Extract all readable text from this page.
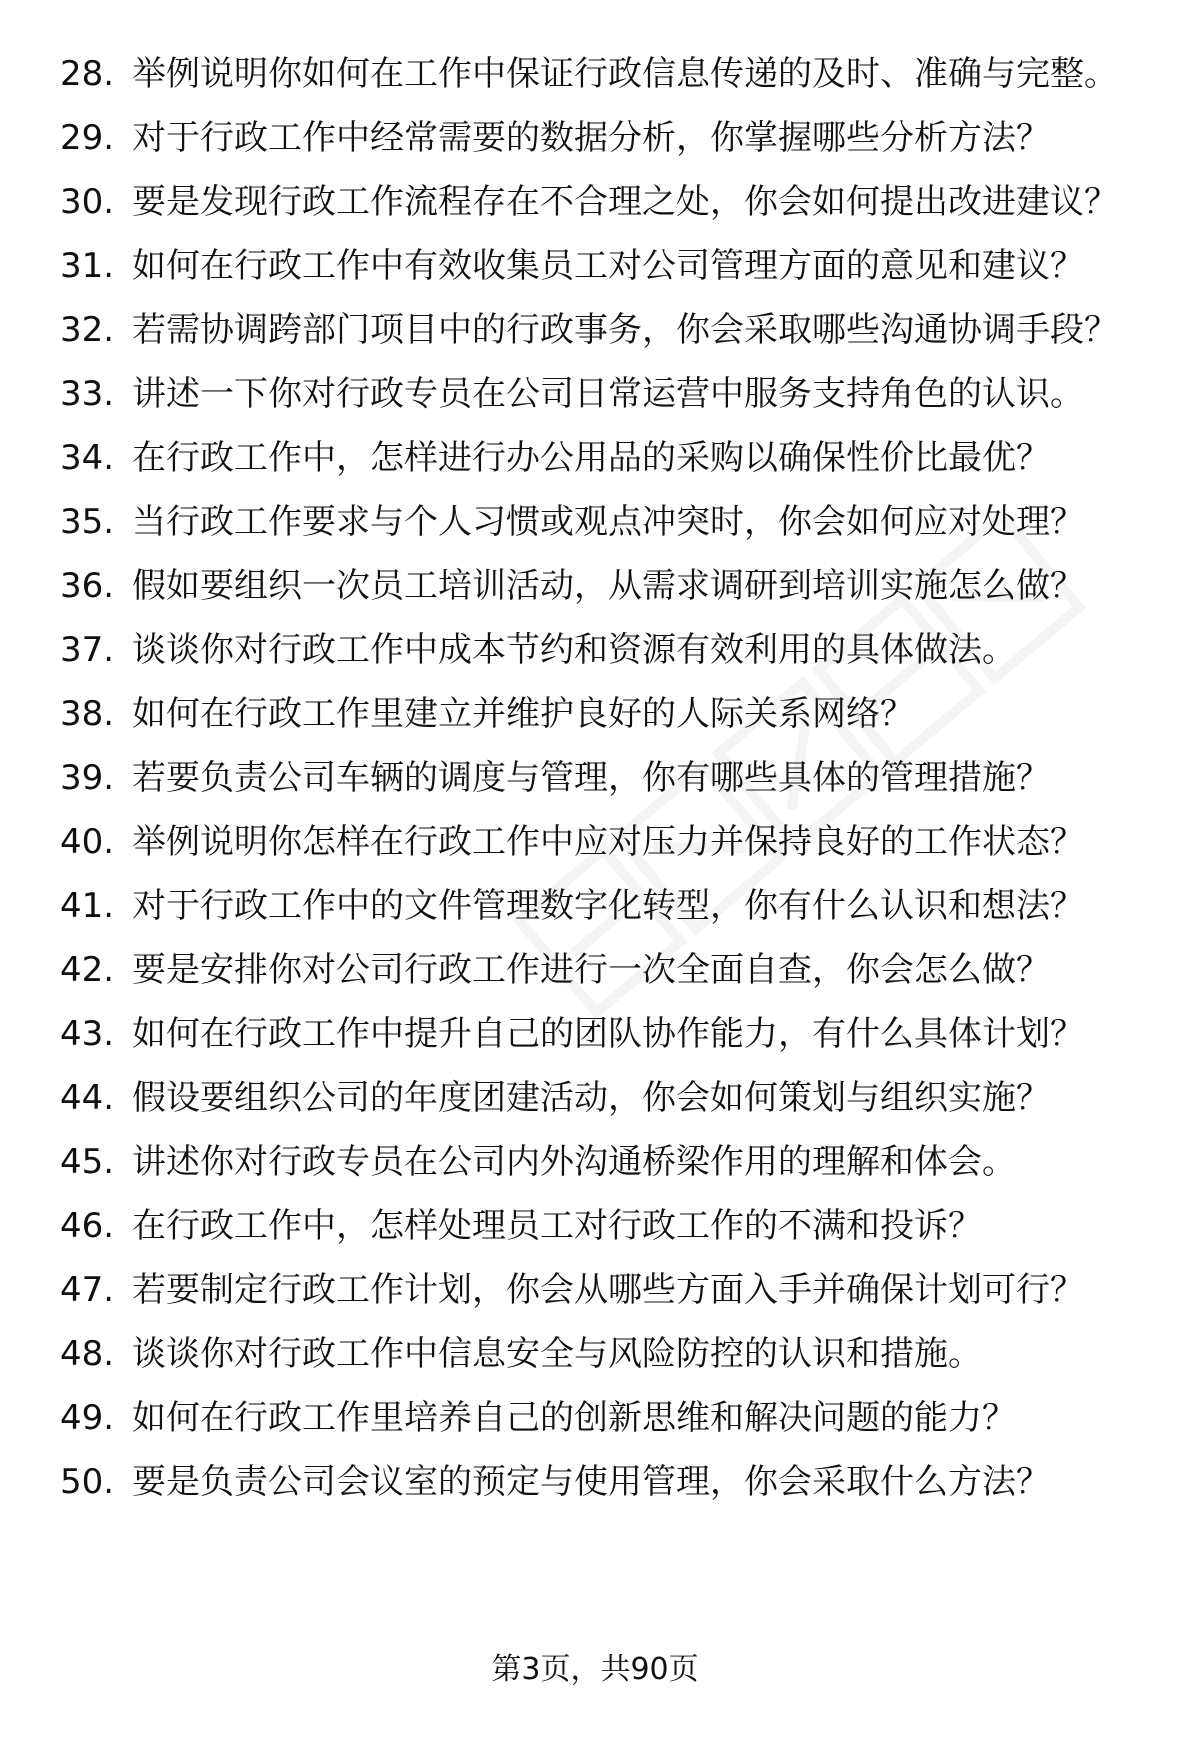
28. 举例说明你如何在工作中保证行政信息传递的及时、准确与完整。
29. 对于行政工作中经常需要的数据分析，你掌握哪些分析方法？
30. 要是发现行政工作流程存在不合理之处，你会如何提出改进建议？
31. 如何在行政工作中有效收集员工对公司管理方面的意见和建议？
32. 若需协调跨部门项目中的行政事务，你会采取哪些沟通协调手段？
33. 讲述一下你对行政专员在公司日常运营中服务支持角色的认识。
34. 在行政工作中，怎样进行办公用品的采购以确保性价比最优？
35. 当行政工作要求与个人习惯或观点冲突时，你会如何应对处理？
36. 假如要组织一次员工培训活动，从需求调研到培训实施怎么做？
37. 谈谈你对行政工作中成本节约和资源有效利用的具体做法。
38. 如何在行政工作里建立并维护良好的人际关系网络？
39. 若要负责公司车辆的调度与管理，你有哪些具体的管理措施？
40. 举例说明你怎样在行政工作中应对压力并保持良好的工作状态？
41. 对于行政工作中的文件管理数字化转型，你有什么认识和想法？
42. 要是安排你对公司行政工作进行一次全面自查，你会怎么做？
43. 如何在行政工作中提升自己的团队协作能力，有什么具体计划？
44. 假设要组织公司的年度团建活动，你会如何策划与组织实施？
45. 讲述你对行政专员在公司内外沟通桥梁作用的理解和体会。
46. 在行政工作中，怎样处理员工对行政工作的不满和投诉？
47. 若要制定行政工作计划，你会从哪些方面入手并确保计划可行？
48. 谈谈你对行政工作中信息安全与风险防控的认识和措施。
49. 如何在行政工作里培养自己的创新思维和解决问题的能力？
50. 要是负责公司会议室的预定与使用管理，你会采取什么方法？
第3页，共90页
